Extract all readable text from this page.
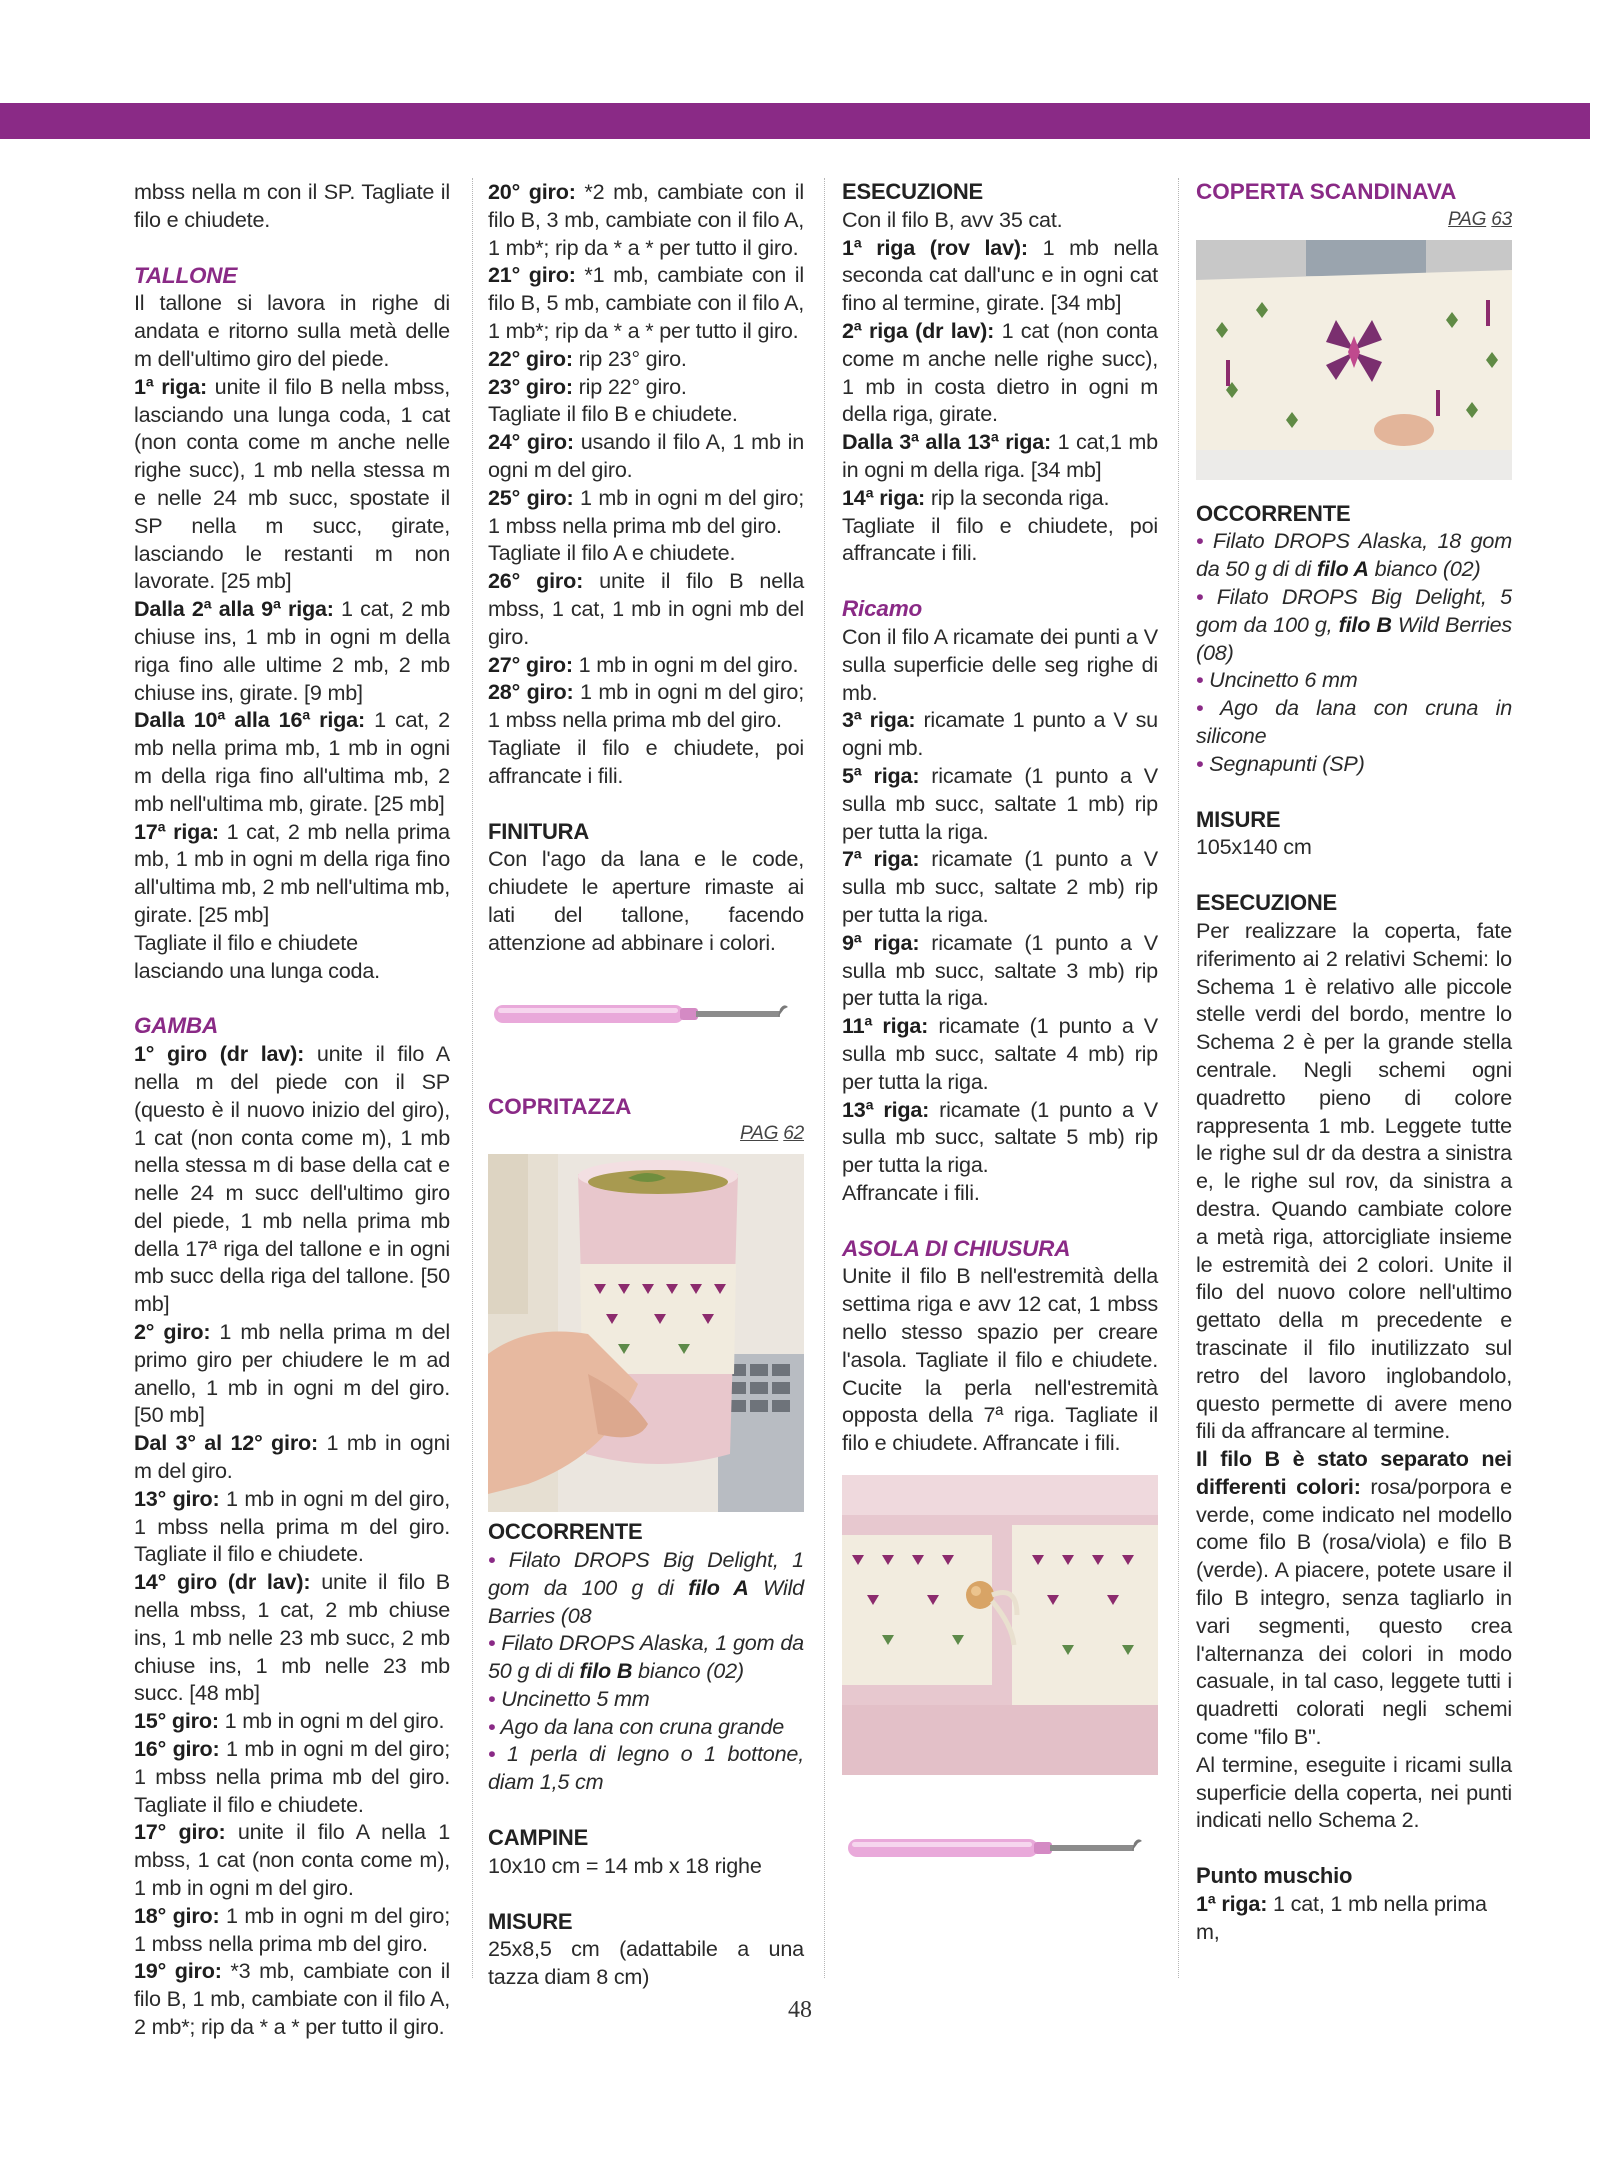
mbss nella m con il SP. Tagliate il filo e chiudete.

TALLONE

Il tallone si lavora in righe di andata e ritorno sulla metà delle m dell'ultimo giro del piede.

1ª riga: unite il filo B nella mbss, lasciando una lunga coda, 1 cat (non conta come m anche nelle righe succ), 1 mb nella stessa m e nelle 24 mb succ, spostate il SP nella m succ, girate, lasciando le restanti m non lavorate. [25 mb]

Dalla 2ª alla 9ª riga: 1 cat, 2 mb chiuse ins, 1 mb in ogni m della riga fino alle ultime 2 mb, 2 mb chiuse ins, girate. [9 mb]

Dalla 10ª alla 16ª riga: 1 cat, 2 mb nella prima mb, 1 mb in ogni m della riga fino all'ultima mb, 2 mb nell'ultima mb, girate. [25 mb]

17ª riga: 1 cat, 2 mb nella prima mb, 1 mb in ogni m della riga fino all'ultima mb, 2 mb nell'ultima mb, girate. [25 mb]

Tagliate il filo e chiudete lasciando una lunga coda.

GAMBA

1° giro (dr lav): unite il filo A nella m del piede con il SP (questo è il nuovo inizio del giro), 1 cat (non conta come m), 1 mb nella stessa m di base della cat e nelle 24 m succ dell'ultimo giro del piede, 1 mb nella prima mb della 17ª riga del tallone e in ogni mb succ della riga del tallone. [50 mb]

2° giro: 1 mb nella prima m del primo giro per chiudere le m ad anello, 1 mb in ogni m del giro. [50 mb]

Dal 3° al 12° giro: 1 mb in ogni m del giro.

13° giro: 1 mb in ogni m del giro, 1 mbss nella prima m del giro. Tagliate il filo e chiudete.

14° giro (dr lav): unite il filo B nella mbss, 1 cat, 2 mb chiuse ins, 1 mb nelle 23 mb succ, 2 mb chiuse ins, 1 mb nelle 23 mb succ. [48 mb]

15° giro: 1 mb in ogni m del giro.

16° giro: 1 mb in ogni m del giro; 1 mbss nella prima mb del giro. Tagliate il filo e chiudete.

17° giro: unite il filo A nella 1 mbss, 1 cat (non conta come m), 1 mb in ogni m del giro.

18° giro: 1 mb in ogni m del giro; 1 mbss nella prima mb del giro.

19° giro: *3 mb, cambiate con il filo B, 1 mb, cambiate con il filo A, 2 mb*; rip da * a * per tutto il giro.

20° giro: *2 mb, cambiate con il filo B, 3 mb, cambiate con il filo A, 1 mb*; rip da * a * per tutto il giro.

21° giro: *1 mb, cambiate con il filo B, 5 mb, cambiate con il filo A, 1 mb*; rip da * a * per tutto il giro.

22° giro: rip 23° giro.

23° giro: rip 22° giro.

Tagliate il filo B e chiudete.

24° giro: usando il filo A, 1 mb in ogni m del giro.

25° giro: 1 mb in ogni m del giro; 1 mbss nella prima mb del giro.

Tagliate il filo A e chiudete.

26° giro: unite il filo B nella mbss, 1 cat, 1 mb in ogni mb del giro.

27° giro: 1 mb in ogni m del giro.

28° giro: 1 mb in ogni m del giro; 1 mbss nella prima mb del giro.

Tagliate il filo e chiudete, poi affrancate i fili.

FINITURA

Con l'ago da lana e le code, chiudete le aperture rimaste ai lati del tallone, facendo attenzione ad abbinare i colori.

COPRITAZZA

PAG 62

OCCORRENTE

• Filato DROPS Big Delight, 1 gom da 100 g di filo A Wild Barries (08

• Filato DROPS Alaska, 1 gom da 50 g di di filo B bianco (02)

• Uncinetto 5 mm

• Ago da lana con cruna grande

• 1 perla di legno o 1 bottone, diam 1,5 cm

CAMPINE

10x10 cm = 14 mb x 18 righe

MISURE

25x8,5 cm (adattabile a una tazza diam 8 cm)

ESECUZIONE

Con il filo B, avv 35 cat.

1ª riga (rov lav): 1 mb nella seconda cat dall'unc e in ogni cat fino al termine, girate. [34 mb]

2ª riga (dr lav): 1 cat (non conta come m anche nelle righe succ), 1 mb in costa dietro in ogni m della riga, girate.

Dalla 3ª alla 13ª riga: 1 cat,1 mb in ogni m della riga. [34 mb]

14ª riga: rip la seconda riga.

Tagliate il filo e chiudete, poi affrancate i fili.

Ricamo

Con il filo A ricamate dei punti a V sulla superficie delle seg righe di mb.

3ª riga: ricamate 1 punto a V su ogni mb.

5ª riga: ricamate (1 punto a V sulla mb succ, saltate 1 mb) rip per tutta la riga.

7ª riga: ricamate (1 punto a V sulla mb succ, saltate 2 mb) rip per tutta la riga.

9ª riga: ricamate (1 punto a V sulla mb succ, saltate 3 mb) rip per tutta la riga.

11ª riga: ricamate (1 punto a V sulla mb succ, saltate 4 mb) rip per tutta la riga.

13ª riga: ricamate (1 punto a V sulla mb succ, saltate 5 mb) rip per tutta la riga.

Affrancate i fili.

ASOLA DI CHIUSURA

Unite il filo B nell'estremità della settima riga e avv 12 cat, 1 mbss nello stesso spazio per creare l'asola. Tagliate il filo e chiudete. Cucite la perla nell'estremità opposta della 7ª riga. Tagliate il filo e chiudete. Affrancate i fili.

COPERTA SCANDINAVA

PAG 63

OCCORRENTE

• Filato DROPS Alaska, 18 gom da 50 g di di filo A bianco (02)

• Filato DROPS Big Delight, 5 gom da 100 g, filo B Wild Berries (08)

• Uncinetto 6 mm

• Ago da lana con cruna in silicone

• Segnapunti (SP)

MISURE

105x140 cm

ESECUZIONE

Per realizzare la coperta, fate riferimento ai 2 relativi Schemi: lo Schema 1 è relativo alle piccole stelle verdi del bordo, mentre lo Schema 2 è per la grande stella centrale. Negli schemi ogni quadretto pieno di colore rappresenta 1 mb. Leggete tutte le righe sul dr da destra a sinistra e, le righe sul rov, da sinistra a destra. Quando cambiate colore a metà riga, attorcigliate insieme le estremità dei 2 colori. Unite il filo del nuovo colore nell'ultimo gettato della m precedente e trascinate il filo inutilizzato sul retro del lavoro inglobandolo, questo permette di avere meno fili da affrancare al termine.

Il filo B è stato separato nei differenti colori: rosa/porpora e verde, come indicato nel modello come filo B (rosa/viola) e filo B (verde). A piacere, potete usare il filo B integro, senza tagliarlo in vari segmenti, questo crea l'alternanza dei colori in modo casuale, in tal caso, leggete tutti i quadretti colorati negli schemi come "filo B".

Al termine, eseguite i ricami sulla superficie della coperta, nei punti indicati nello Schema 2.

Punto muschio

1ª riga: 1 cat, 1 mb nella prima m,

48
